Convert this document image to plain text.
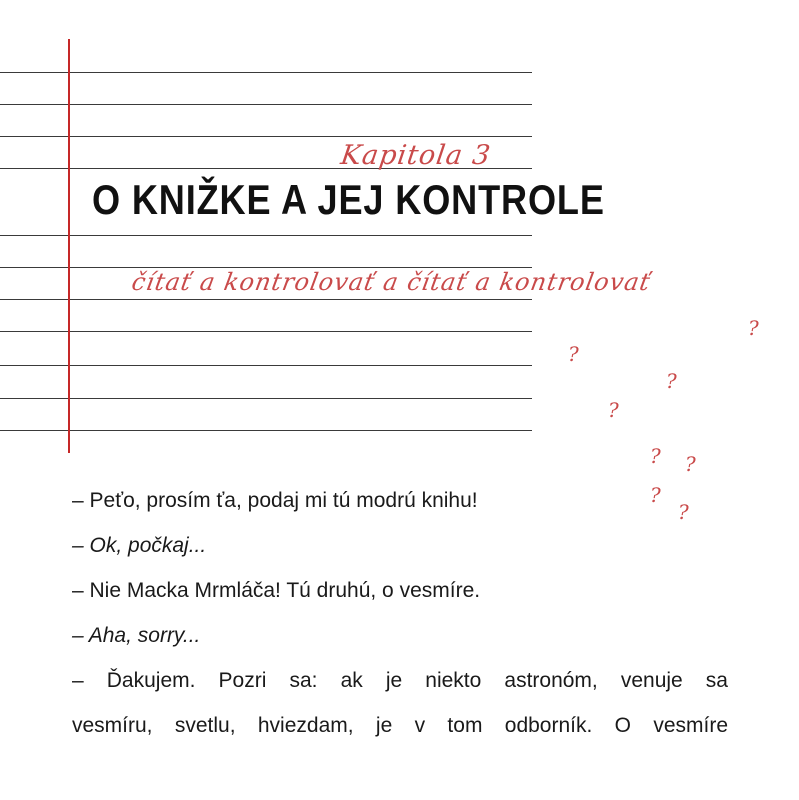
Kapitola 3
O KNIŽKE A JEJ KONTROLE
čítať a kontrolovať a čítať a kontrolovať
?
?
?
?
? ?
?
?
– Peťo, prosím ťa, podaj mi tú modrú knihu!
– Ok, počkaj...
– Nie Macka Mrmláča! Tú druhú, o vesmíre.
– Aha, sorry...
– Ďakujem. Pozri sa: ak je niekto astronóm, venuje sa
vesmíru, svetlu, hviezdam, je v tom odborník. O vesmíre
